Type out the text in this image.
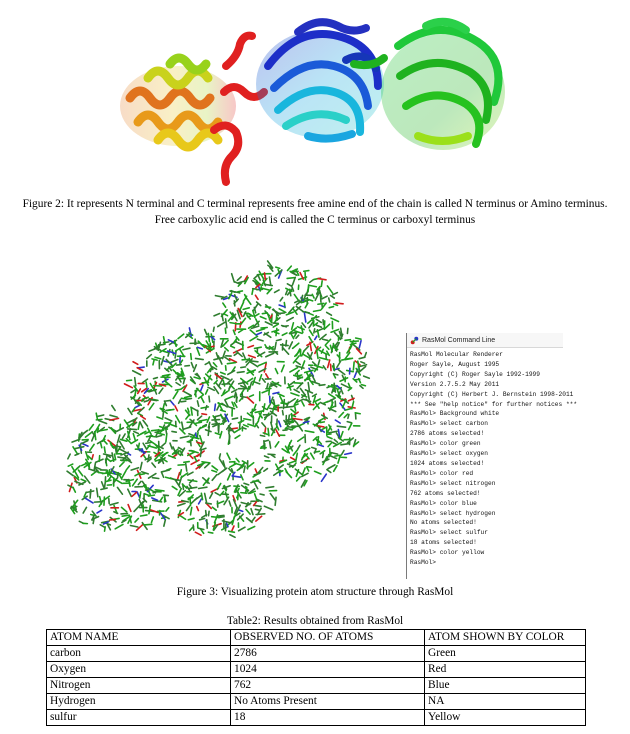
Figure 2: It represents N terminal and C terminal represents free amine end of the chain is called N terminus or Amino terminus.
Free carboxylic acid end is called the C terminus or carboxyl terminus
RasMol Command Line
RasMol Molecular Renderer
Roger Sayle, August 1995
Copyright (C) Roger Sayle 1992-1999
Version 2.7.5.2 May 2011
Copyright (C) Herbert J. Bernstein 1998-2011
*** See "help notice" for further notices ***
RasMol> Background white
RasMol> select carbon
2786 atoms selected!
RasMol> color green
RasMol> select oxygen
1024 atoms selected!
RasMol> color red
RasMol> select nitrogen
762 atoms selected!
RasMol> color blue
RasMol> select hydrogen
No atoms selected!
RasMol> select sulfur
18 atoms selected!
RasMol> color yellow
RasMol>
Figure 3: Visualizing protein atom structure through RasMol
Table2: Results obtained from RasMol
ATOM NAME	OBSERVED NO. OF ATOMS	ATOM SHOWN BY COLOR
carbon	2786	Green
Oxygen	1024	Red
Nitrogen	762	Blue
Hydrogen	No Atoms Present	NA
sulfur	18	Yellow
